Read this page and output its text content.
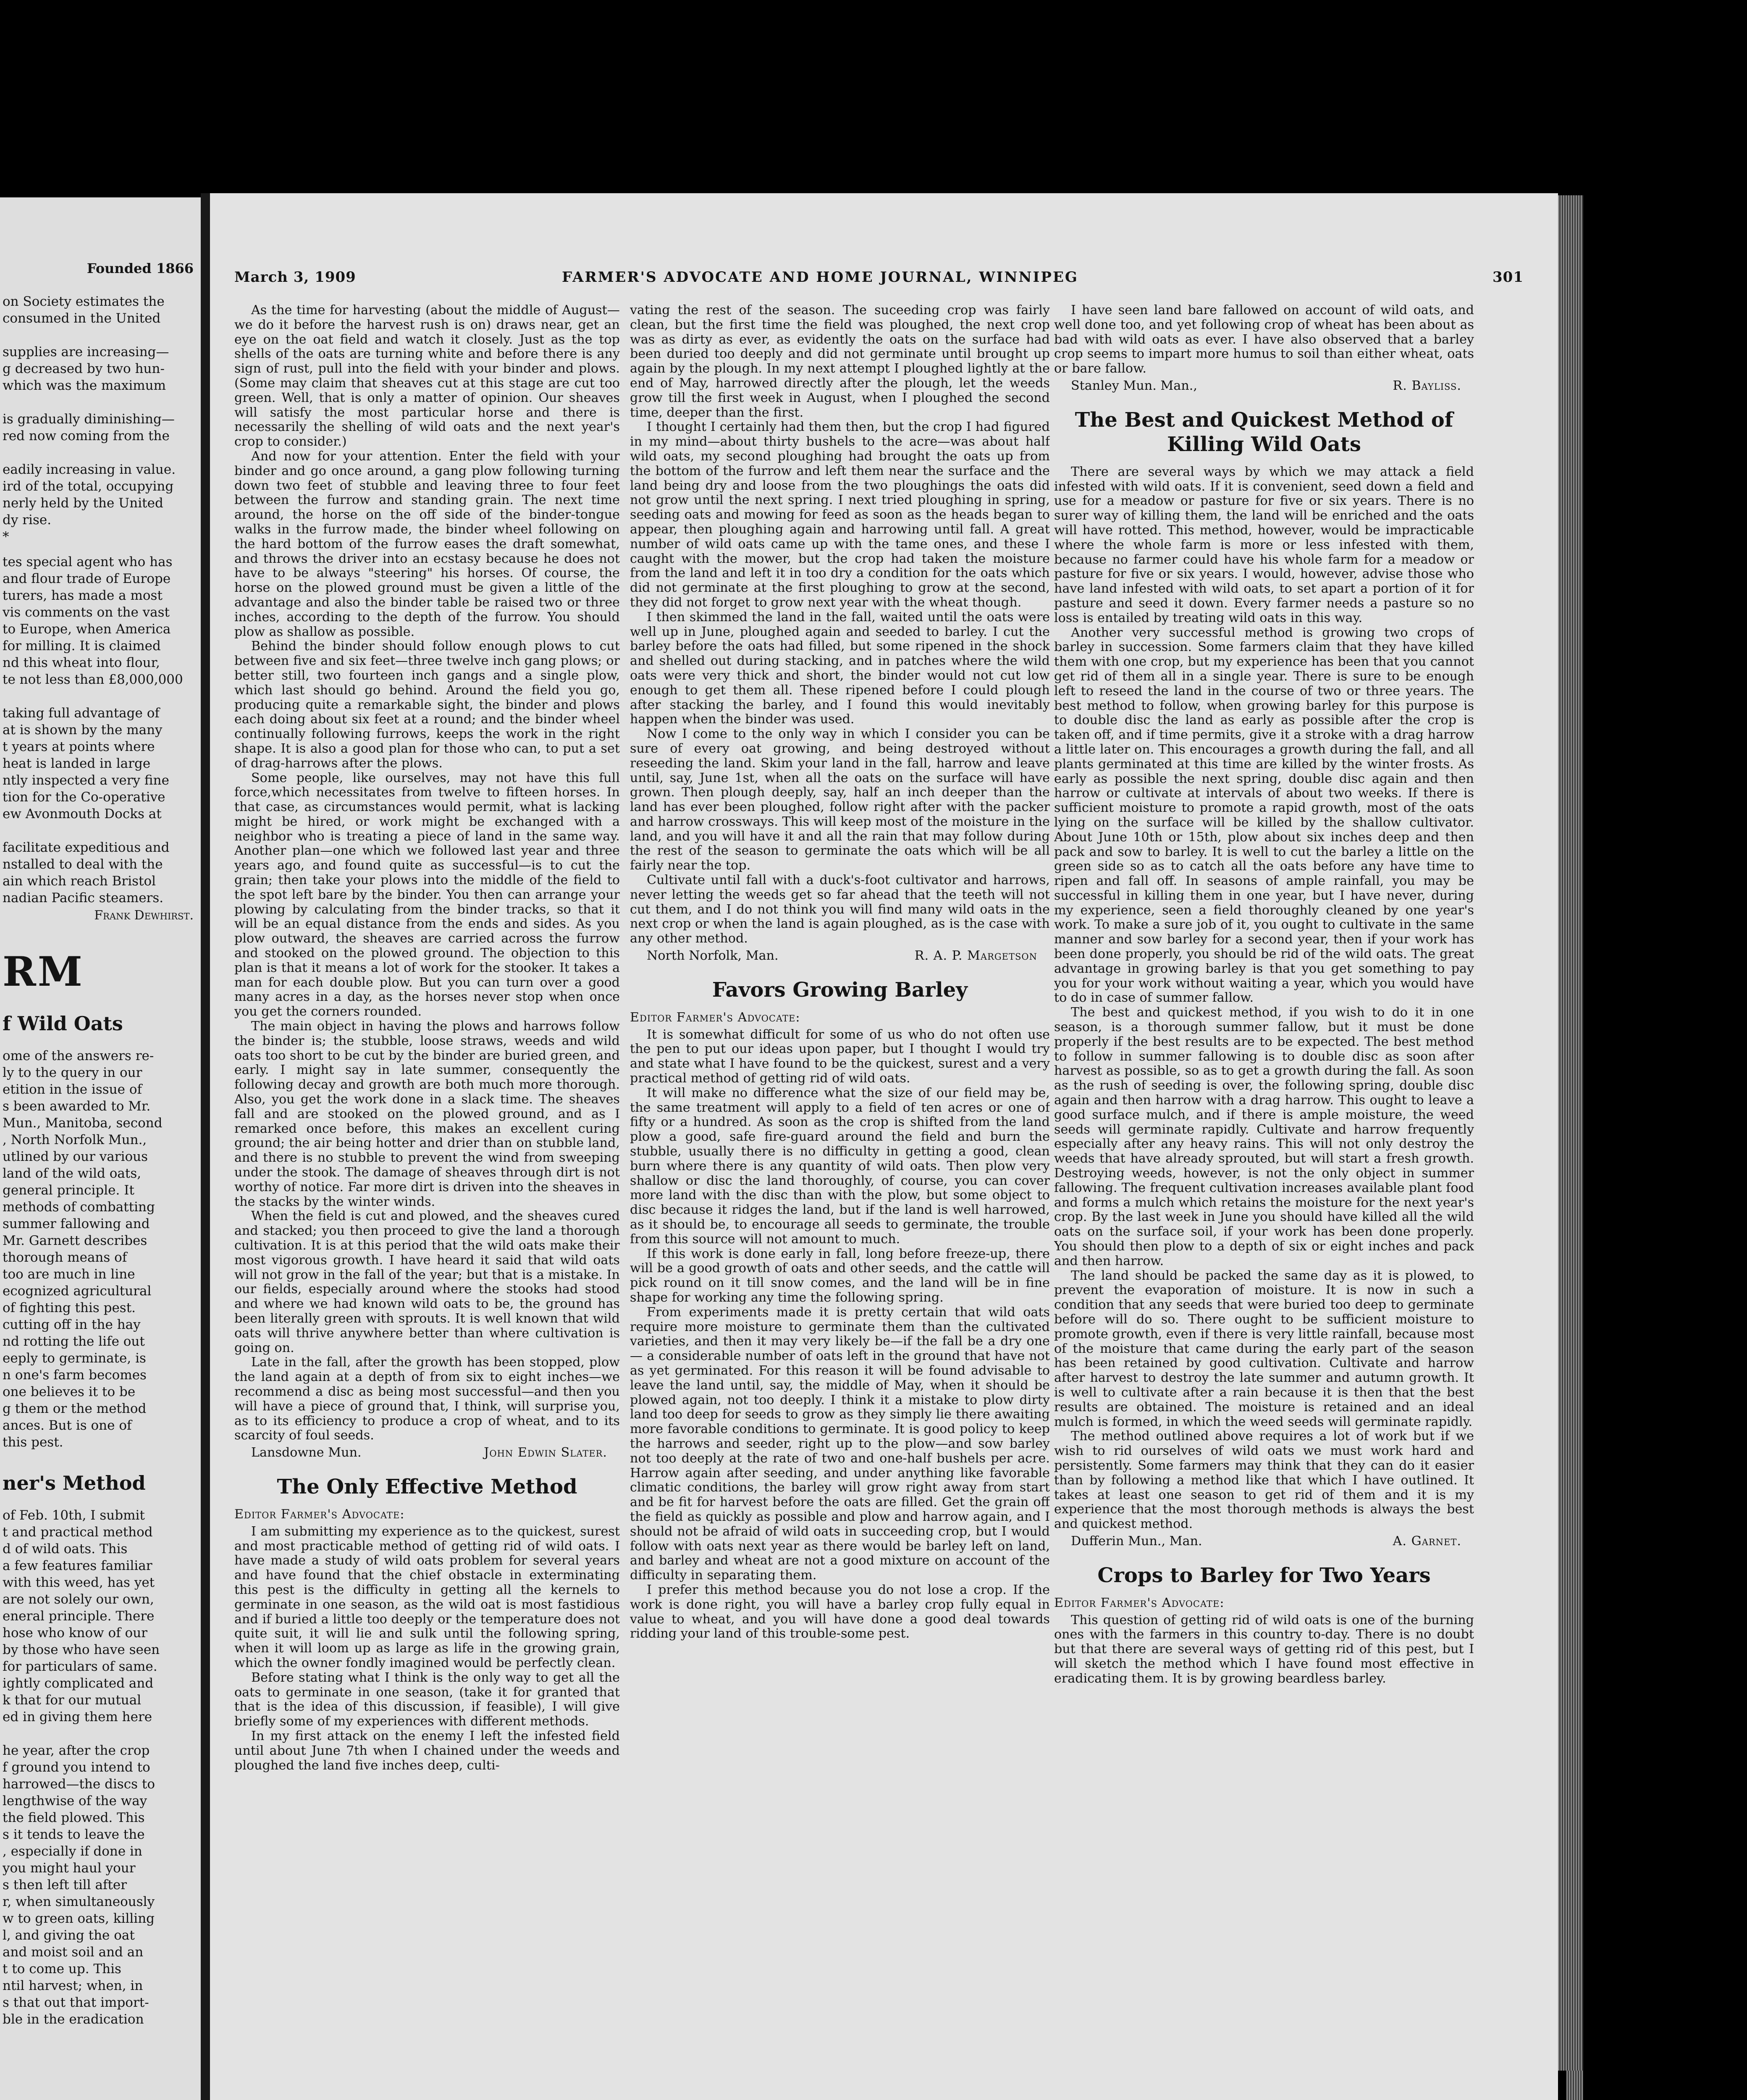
Founded 1866
on Society estimates the
consumed in the United

supplies are increasing—
g decreased by two hun-
which was the maximum

is gradually diminishing—
red now coming from the

eadily increasing in value.
ird of the total, occupying
nerly held by the United
dy rise.
*
tes special agent who has
and flour trade of Europe
turers, has made a most
vis comments on the vast
to Europe, when America
for milling. It is claimed
nd this wheat into flour,
te not less than £8,000,000

taking full advantage of
at is shown by the many
t years at points where
heat is landed in large
ntly inspected a very fine
tion for the Co-operative
ew Avonmouth Docks at

facilitate expeditious and
nstalled to deal with the
ain which reach Bristol
nadian Pacific steamers.
Frank Dewhirst.
RM
f Wild Oats
ome of the answers re-
ly to the query in our
etition in the issue of
s been awarded to Mr.
Mun., Manitoba, second
, North Norfolk Mun.,
utlined by our various
land of the wild oats,
general principle. It
methods of combatting
summer fallowing and
Mr. Garnett describes
thorough means of
too are much in line
ecognized agricultural
of fighting this pest.
cutting off in the hay
nd rotting the life out
eeply to germinate, is
n one's farm becomes
one believes it to be
g them or the method
ances. But is one of
this pest.
ner's Method
of Feb. 10th, I submit
t and practical method
d of wild oats. This
a few features familiar
with this weed, has yet
are not solely our own,
eneral principle. There
hose who know of our
by those who have seen
for particulars of same.
ightly complicated and
k that for our mutual
ed in giving them here

he year, after the crop
f ground you intend to
harrowed—the discs to
lengthwise of the way
the field plowed. This
s it tends to leave the
, especially if done in
you might haul your
s then left till after
r, when simultaneously
w to green oats, killing
l, and giving the oat
and moist soil and an
t to come up. This
ntil harvest; when, in
s that out that import-
ble in the eradication
March 3, 1909	FARMER'S ADVOCATE AND HOME JOURNAL, WINNIPEG	301

As the time for harvesting (about the middle of August—we do it before the harvest rush is on) draws near, get an eye on the oat field and watch it closely. Just as the top shells of the oats are turning white and before there is any sign of rust, pull into the field with your binder and plows. (Some may claim that sheaves cut at this stage are cut too green. Well, that is only a matter of opinion. Our sheaves will satisfy the most particular horse and there is necessarily the shelling of wild oats and the next year's crop to consider.)

And now for your attention. Enter the field with your binder and go once around, a gang plow following turning down two feet of stubble and leaving three to four feet between the furrow and standing grain. The next time around, the horse on the off side of the binder-tongue walks in the furrow made, the binder wheel following on the hard bottom of the furrow eases the draft somewhat, and throws the driver into an ecstasy because he does not have to be always "steering" his horses. Of course, the horse on the plowed ground must be given a little of the advantage and also the binder table be raised two or three inches, according to the depth of the furrow. You should plow as shallow as possible.

Behind the binder should follow enough plows to cut between five and six feet—three twelve inch gang plows; or better still, two fourteen inch gangs and a single plow, which last should go behind. Around the field you go, producing quite a remarkable sight, the binder and plows each doing about six feet at a round; and the binder wheel continually following furrows, keeps the work in the right shape. It is also a good plan for those who can, to put a set of drag-harrows after the plows.

Some people, like ourselves, may not have this full force,which necessitates from twelve to fifteen horses. In that case, as circumstances would permit, what is lacking might be hired, or work might be exchanged with a neighbor who is treating a piece of land in the same way. Another plan—one which we followed last year and three years ago, and found quite as successful—is to cut the grain; then take your plows into the middle of the field to the spot left bare by the binder. You then can arrange your plowing by calculating from the binder tracks, so that it will be an equal distance from the ends and sides. As you plow outward, the sheaves are carried across the furrow and stooked on the plowed ground. The objection to this plan is that it means a lot of work for the stooker. It takes a man for each double plow. But you can turn over a good many acres in a day, as the horses never stop when once you get the corners rounded.

The main object in having the plows and harrows follow the binder is; the stubble, loose straws, weeds and wild oats too short to be cut by the binder are buried green, and early. I might say in late summer, consequently the following decay and growth are both much more thorough. Also, you get the work done in a slack time. The sheaves fall and are stooked on the plowed ground, and as I remarked once before, this makes an excellent curing ground; the air being hotter and drier than on stubble land, and there is no stubble to prevent the wind from sweeping under the stook. The damage of sheaves through dirt is not worthy of notice. Far more dirt is driven into the sheaves in the stacks by the winter winds.

When the field is cut and plowed, and the sheaves cured and stacked; you then proceed to give the land a thorough cultivation. It is at this period that the wild oats make their most vigorous growth. I have heard it said that wild oats will not grow in the fall of the year; but that is a mistake. In our fields, especially around where the stooks had stood and where we had known wild oats to be, the ground has been literally green with sprouts. It is well known that wild oats will thrive anywhere better than where cultivation is going on.

Late in the fall, after the growth has been stopped, plow the land again at a depth of from six to eight inches—we recommend a disc as being most successful—and then you will have a piece of ground that, I think, will surprise you, as to its efficiency to produce a crop of wheat, and to its scarcity of foul seeds.

Lansdowne Mun.	John Edwin Slater.
The Only Effective Method
Editor Farmer's Advocate:

I am submitting my experience as to the quickest, surest and most practicable method of getting rid of wild oats. I have made a study of wild oats problem for several years and have found that the chief obstacle in exterminating this pest is the difficulty in getting all the kernels to germinate in one season, as the wild oat is most fastidious and if buried a little too deeply or the temperature does not quite suit, it will lie and sulk until the following spring, when it will loom up as large as life in the growing grain, which the owner fondly imagined would be perfectly clean.

Before stating what I think is the only way to get all the oats to germinate in one season, (take it for granted that that is the idea of this discussion, if feasible), I will give briefly some of my experiences with different methods.

In my first attack on the enemy I left the infested field until about June 7th when I chained under the weeds and ploughed the land five inches deep, culti-

vating the rest of the season. The suceeding crop was fairly clean, but the first time the field was ploughed, the next crop was as dirty as ever, as evidently the oats on the surface had been duried too deeply and did not germinate until brought up again by the plough. In my next attempt I ploughed lightly at the end of May, harrowed directly after the plough, let the weeds grow till the first week in August, when I ploughed the second time, deeper than the first.

I thought I certainly had them then, but the crop I had figured in my mind—about thirty bushels to the acre—was about half wild oats, my second ploughing had brought the oats up from the bottom of the furrow and left them near the surface and the land being dry and loose from the two ploughings the oats did not grow until the next spring. I next tried ploughing in spring, seeding oats and mowing for feed as soon as the heads began to appear, then ploughing again and harrowing until fall. A great number of wild oats came up with the tame ones, and these I caught with the mower, but the crop had taken the moisture from the land and left it in too dry a condition for the oats which did not germinate at the first ploughing to grow at the second, they did not forget to grow next year with the wheat though.

I then skimmed the land in the fall, waited until the oats were well up in June, ploughed again and seeded to barley. I cut the barley before the oats had filled, but some ripened in the shock and shelled out during stacking, and in patches where the wild oats were very thick and short, the binder would not cut low enough to get them all. These ripened before I could plough after stacking the barley, and I found this would inevitably happen when the binder was used.

Now I come to the only way in which I consider you can be sure of every oat growing, and being destroyed without reseeding the land. Skim your land in the fall, harrow and leave until, say, June 1st, when all the oats on the surface will have grown. Then plough deeply, say, half an inch deeper than the land has ever been ploughed, follow right after with the packer and harrow crossways. This will keep most of the moisture in the land, and you will have it and all the rain that may follow during the rest of the season to germinate the oats which will be all fairly near the top.

Cultivate until fall with a duck's-foot cultivator and harrows, never letting the weeds get so far ahead that the teeth will not cut them, and I do not think you will find many wild oats in the next crop or when the land is again ploughed, as is the case with any other method.

North Norfolk, Man.	R. A. P. Margetson
Favors Growing Barley
Editor Farmer's Advocate:

It is somewhat difficult for some of us who do not often use the pen to put our ideas upon paper, but I thought I would try and state what I have found to be the quickest, surest and a very practical method of getting rid of wild oats.

It will make no difference what the size of our field may be, the same treatment will apply to a field of ten acres or one of fifty or a hundred. As soon as the crop is shifted from the land plow a good, safe fire-guard around the field and burn the stubble, usually there is no difficulty in getting a good, clean burn where there is any quantity of wild oats. Then plow very shallow or disc the land thoroughly, of course, you can cover more land with the disc than with the plow, but some object to disc because it ridges the land, but if the land is well harrowed, as it should be, to encourage all seeds to germinate, the trouble from this source will not amount to much.

If this work is done early in fall, long before freeze-up, there will be a good growth of oats and other seeds, and the cattle will pick round on it till snow comes, and the land will be in fine shape for working any time the following spring.

From experiments made it is pretty certain that wild oats require more moisture to germinate them than the cultivated varieties, and then it may very likely be—if the fall be a dry one— a considerable number of oats left in the ground that have not as yet germinated. For this reason it will be found advisable to leave the land until, say, the middle of May, when it should be plowed again, not too deeply. I think it a mistake to plow dirty land too deep for seeds to grow as they simply lie there awaiting more favorable conditions to germinate. It is good policy to keep the harrows and seeder, right up to the plow—and sow barley not too deeply at the rate of two and one-half bushels per acre. Harrow again after seeding, and under anything like favorable climatic conditions, the barley will grow right away from start and be fit for harvest before the oats are filled. Get the grain off the field as quickly as possible and plow and harrow again, and I should not be afraid of wild oats in succeeding crop, but I would follow with oats next year as there would be barley left on land, and barley and wheat are not a good mixture on account of the difficulty in separating them.

I prefer this method because you do not lose a crop. If the work is done right, you will have a barley crop fully equal in value to wheat, and you will have done a good deal towards ridding your land of this trouble-some pest.

I have seen land bare fallowed on account of wild oats, and well done too, and yet following crop of wheat has been about as bad with wild oats as ever. I have also observed that a barley crop seems to impart more humus to soil than either wheat, oats or bare fallow.

Stanley Mun. Man.,	R. Bayliss.
The Best and Quickest Method of Killing Wild Oats

There are several ways by which we may attack a field infested with wild oats. If it is convenient, seed down a field and use for a meadow or pasture for five or six years. There is no surer way of killing them, the land will be enriched and the oats will have rotted. This method, however, would be impracticable where the whole farm is more or less infested with them, because no farmer could have his whole farm for a meadow or pasture for five or six years. I would, however, advise those who have land infested with wild oats, to set apart a portion of it for pasture and seed it down. Every farmer needs a pasture so no loss is entailed by treating wild oats in this way.

Another very successful method is growing two crops of barley in succession. Some farmers claim that they have killed them with one crop, but my experience has been that you cannot get rid of them all in a single year. There is sure to be enough left to reseed the land in the course of two or three years. The best method to follow, when growing barley for this purpose is to double disc the land as early as possible after the crop is taken off, and if time permits, give it a stroke with a drag harrow a little later on. This encourages a growth during the fall, and all plants germinated at this time are killed by the winter frosts. As early as possible the next spring, double disc again and then harrow or cultivate at intervals of about two weeks. If there is sufficient moisture to promote a rapid growth, most of the oats lying on the surface will be killed by the shallow cultivator. About June 10th or 15th, plow about six inches deep and then pack and sow to barley. It is well to cut the barley a little on the green side so as to catch all the oats before any have time to ripen and fall off. In seasons of ample rainfall, you may be successful in killing them in one year, but I have never, during my experience, seen a field thoroughly cleaned by one year's work. To make a sure job of it, you ought to cultivate in the same manner and sow barley for a second year, then if your work has been done properly, you should be rid of the wild oats. The great advantage in growing barley is that you get something to pay you for your work without waiting a year, which you would have to do in case of summer fallow.

The best and quickest method, if you wish to do it in one season, is a thorough summer fallow, but it must be done properly if the best results are to be expected. The best method to follow in summer fallowing is to double disc as soon after harvest as possible, so as to get a growth during the fall. As soon as the rush of seeding is over, the following spring, double disc again and then harrow with a drag harrow. This ought to leave a good surface mulch, and if there is ample moisture, the weed seeds will germinate rapidly. Cultivate and harrow frequently especially after any heavy rains. This will not only destroy the weeds that have already sprouted, but will start a fresh growth. Destroying weeds, however, is not the only object in summer fallowing. The frequent cultivation increases available plant food and forms a mulch which retains the moisture for the next year's crop. By the last week in June you should have killed all the wild oats on the surface soil, if your work has been done properly. You should then plow to a depth of six or eight inches and pack and then harrow.

The land should be packed the same day as it is plowed, to prevent the evaporation of moisture. It is now in such a condition that any seeds that were buried too deep to germinate before will do so. There ought to be sufficient moisture to promote growth, even if there is very little rainfall, because most of the moisture that came during the early part of the season has been retained by good cultivation. Cultivate and harrow after harvest to destroy the late summer and autumn growth. It is well to cultivate after a rain because it is then that the best results are obtained. The moisture is retained and an ideal mulch is formed, in which the weed seeds will germinate rapidly.

The method outlined above requires a lot of work but if we wish to rid ourselves of wild oats we must work hard and persistently. Some farmers may think that they can do it easier than by following a method like that which I have outlined. It takes at least one season to get rid of them and it is my experience that the most thorough methods is always the best and quickest method.

Dufferin Mun., Man.	A. Garnet.
Crops to Barley for Two Years
Editor Farmer's Advocate:

This question of getting rid of wild oats is one of the burning ones with the farmers in this country to-day. There is no doubt but that there are several ways of getting rid of this pest, but I will sketch the method which I have found most effective in eradicating them. It is by growing beardless barley.
